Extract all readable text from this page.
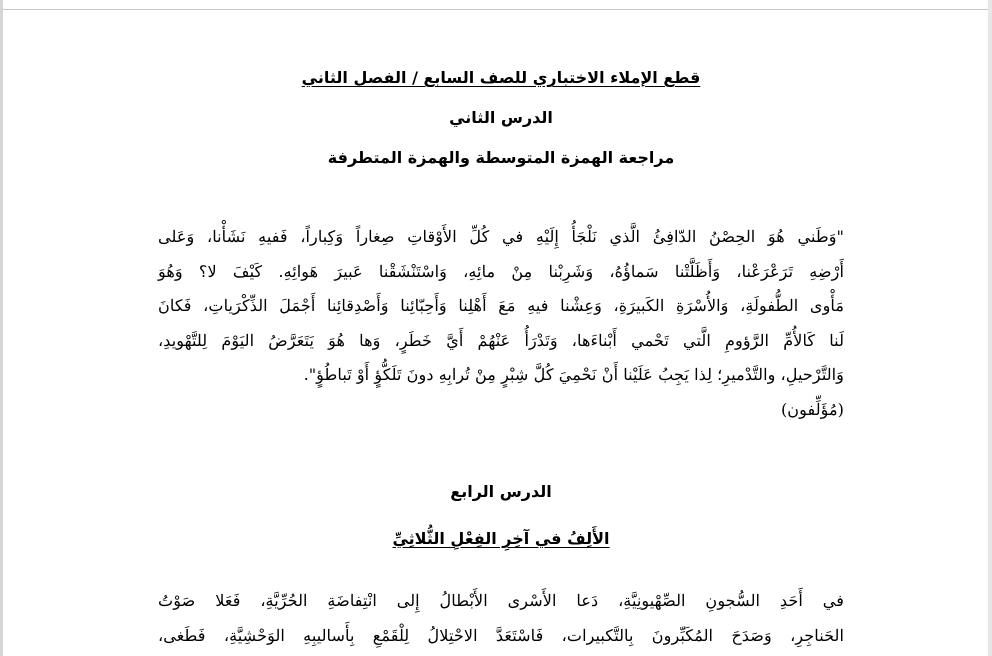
قطع الإملاء الاختباري للصف السابع / الفصل الثاني
الدرس الثاني
مراجعة الهمزة المتوسطة والهمزة المتطرفة
"وَطَني هُوَ الحِصْنُ الدّافِئُ الَّذي نَلْجَأُ إِلَيْهِ في كُلِّ الأَوْقاتِ صِغاراً وَكِباراً، فَفيهِ نَشَأْنا، وَعَلى
أَرْضِهِ تَرَعْرَعْنا، وَأَظَلَّتْنا سَماؤُهُ، وَشَرِبْنا مِنْ مائِهِ، وَاسْتَنْشَقْنا عَبيرَ هَوائِهِ. كَيْفَ لا؟ وَهُوَ
مَأْوى الطُّفولَةِ، وَالأُسْرَةِ الكَبيرَةِ، وَعِشْنا فيهِ مَعَ أَهْلِنا وَأَحِبّائِنا وَأَصْدِقائِنا أَجْمَلَ الذِّكْرَياتِ، فَكانَ
لَنا كَالأُمِّ الرَّؤومِ الَّتي تَحْمي أَبْناءَها، وَتَدْرَأُ عَنْهُمْ أَيَّ خَطَرٍ، وَها هُوَ يَتَعَرَّضُ اليَوْمَ لِلتَّهْويدِ،
وَالتَّرْحيلِ، والتَّدْميرِ؛ لِذا يَجِبُ عَلَيْنا أَنْ نَحْمِيَ كُلَّ شِبْرٍ مِنْ تُرابِهِ دونَ تَلَكُّؤٍ أَوْ تَباطُؤٍ".
(مُؤَلِّفون)
الدرس الرابع
الأَلِفُ في آخِرِ الفِعْلِ الثُّلاثِيِّ
في أَحَدِ السُّجونِ الصِّهْيونِيَّةِ، دَعا الأَسْرى الأَبْطالُ إِلى انْتِفاضَةِ الحُرِّيَّةِ، فَعَلا صَوْتُ
الحَناجِرِ، وَصَدَحَ المُكَبِّرونَ بِالتَّكبيرات، فَاسْتَعَدَّ الاحْتِلالُ لِلْقَمْعِ بِأَساليبِهِ الوَحْشِيَّةِ، فَطَغى،
